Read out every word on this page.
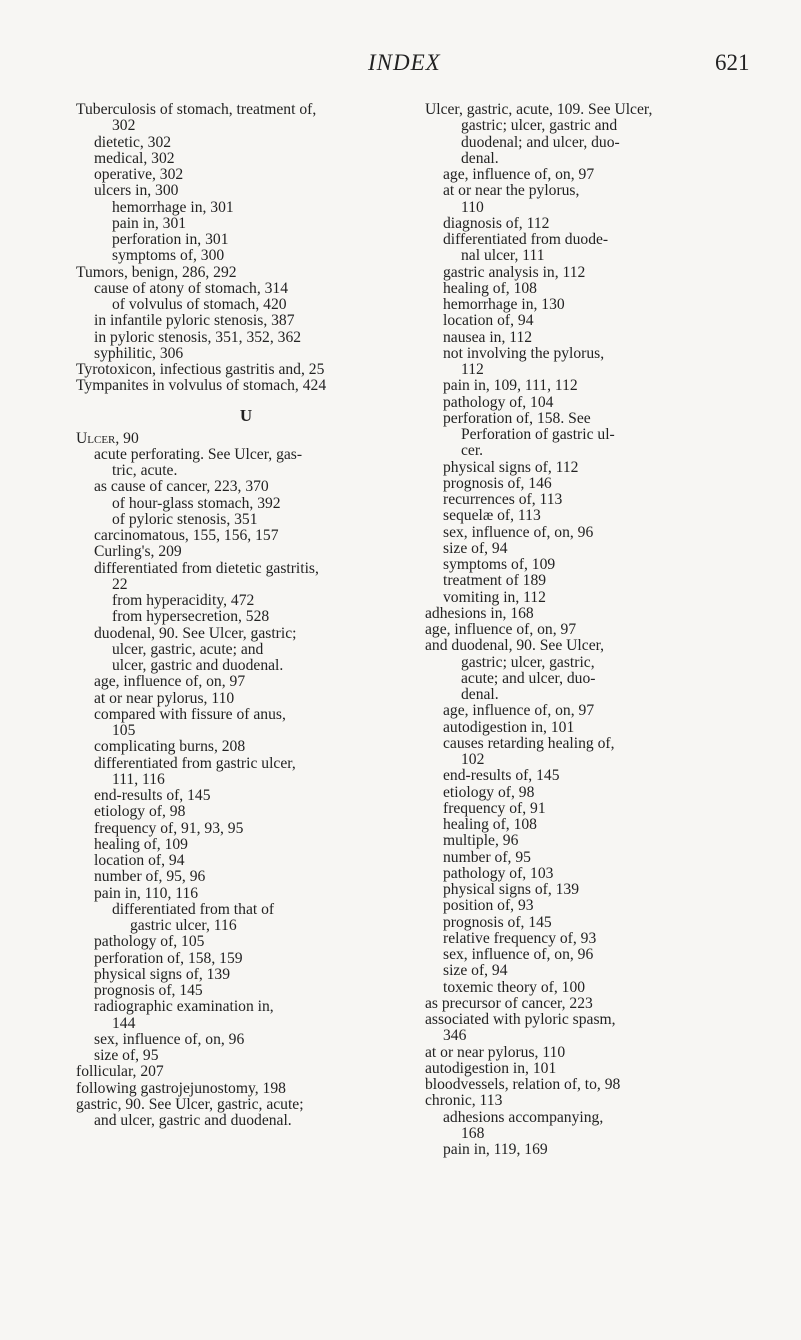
INDEX	621
Tuberculosis of stomach, treatment of,
302
dietetic, 302
medical, 302
operative, 302
ulcers in, 300
hemorrhage in, 301
pain in, 301
perforation in, 301
symptoms of, 300
Tumors, benign, 286, 292
cause of atony of stomach, 314
of volvulus of stomach, 420
in infantile pyloric stenosis, 387
in pyloric stenosis, 351, 352, 362
syphilitic, 306
Tyrotoxicon, infectious gastritis and, 25
Tympanites in volvulus of stomach, 424
U
Ulcer, 90
acute perforating. See Ulcer, gas-
tric, acute.
as cause of cancer, 223, 370
of hour-glass stomach, 392
of pyloric stenosis, 351
carcinomatous, 155, 156, 157
Curling's, 209
differentiated from dietetic gastritis,
22
from hyperacidity, 472
from hypersecretion, 528
duodenal, 90. See Ulcer, gastric;
ulcer, gastric, acute; and
ulcer, gastric and duodenal.
age, influence of, on, 97
at or near pylorus, 110
compared with fissure of anus,
105
complicating burns, 208
differentiated from gastric ulcer,
111, 116
end-results of, 145
etiology of, 98
frequency of, 91, 93, 95
healing of, 109
location of, 94
number of, 95, 96
pain in, 110, 116
differentiated from that of
gastric ulcer, 116
pathology of, 105
perforation of, 158, 159
physical signs of, 139
prognosis of, 145
radiographic examination in,
144
sex, influence of, on, 96
size of, 95
follicular, 207
following gastrojejunostomy, 198
gastric, 90. See Ulcer, gastric, acute;
and ulcer, gastric and duodenal.
Ulcer, gastric, acute, 109. See Ulcer,
gastric; ulcer, gastric and
duodenal; and ulcer, duo-
denal.
age, influence of, on, 97
at or near the pylorus,
110
diagnosis of, 112
differentiated from duode-
nal ulcer, 111
gastric analysis in, 112
healing of, 108
hemorrhage in, 130
location of, 94
nausea in, 112
not involving the pylorus,
112
pain in, 109, 111, 112
pathology of, 104
perforation of, 158. See
Perforation of gastric ul-
cer.
physical signs of, 112
prognosis of, 146
recurrences of, 113
sequelæ of, 113
sex, influence of, on, 96
size of, 94
symptoms of, 109
treatment of 189
vomiting in, 112
adhesions in, 168
age, influence of, on, 97
and duodenal, 90. See Ulcer,
gastric; ulcer, gastric,
acute; and ulcer, duo-
denal.
age, influence of, on, 97
autodigestion in, 101
causes retarding healing of,
102
end-results of, 145
etiology of, 98
frequency of, 91
healing of, 108
multiple, 96
number of, 95
pathology of, 103
physical signs of, 139
position of, 93
prognosis of, 145
relative frequency of, 93
sex, influence of, on, 96
size of, 94
toxemic theory of, 100
as precursor of cancer, 223
associated with pyloric spasm,
346
at or near pylorus, 110
autodigestion in, 101
bloodvessels, relation of, to, 98
chronic, 113
adhesions accompanying,
168
pain in, 119, 169
